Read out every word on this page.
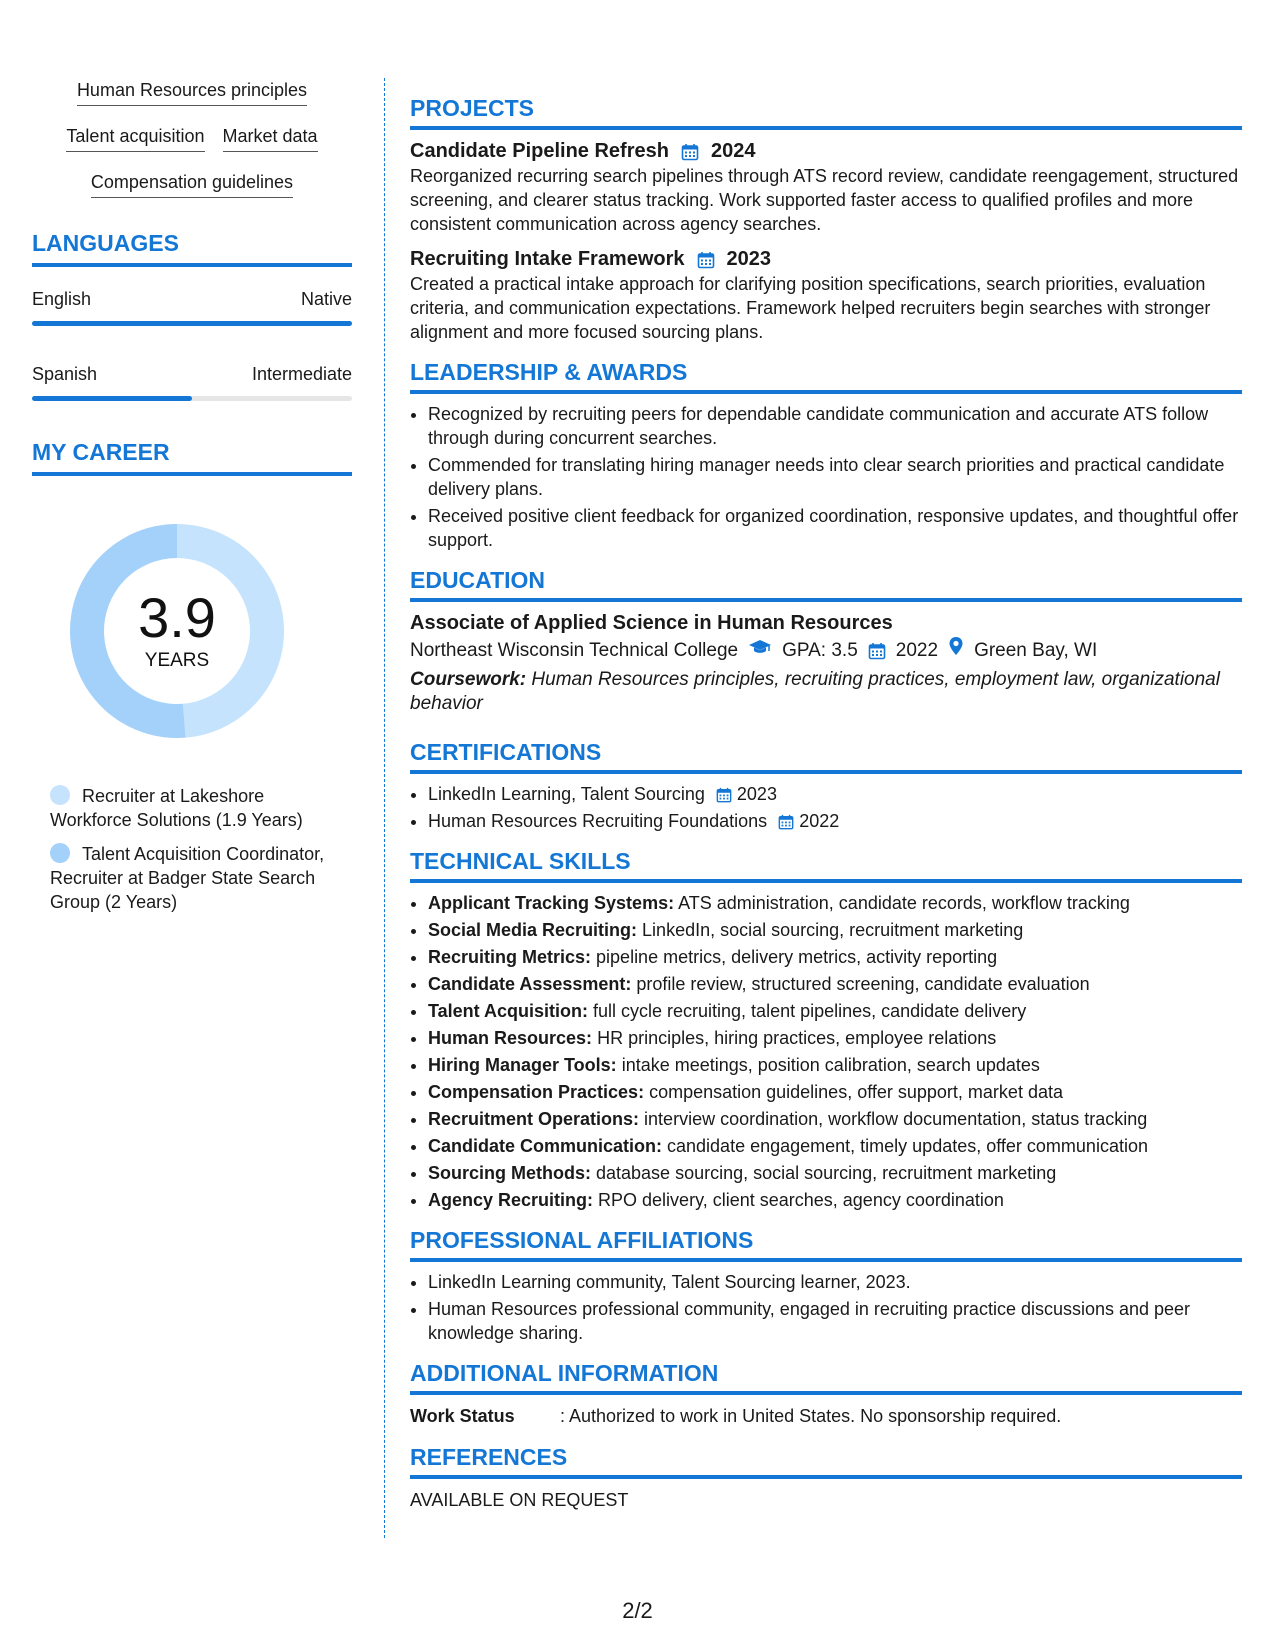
Human Resources principles
Talent acquisition Market data
Compensation guidelines
LANGUAGES
English	Native
Spanish	Intermediate
MY CAREER
3.9
YEARS
Recruiter at Lakeshore Workforce Solutions (1.9 Years)
Talent Acquisition Coordinator, Recruiter at Badger State Search Group (2 Years)
PROJECTS
Candidate Pipeline Refresh 2024
Reorganized recurring search pipelines through ATS record review, candidate reengagement, structured screening, and clearer status tracking. Work supported faster access to qualified profiles and more consistent communication across agency searches.
Recruiting Intake Framework 2023
Created a practical intake approach for clarifying position specifications, search priorities, evaluation criteria, and communication expectations. Framework helped recruiters begin searches with stronger alignment and more focused sourcing plans.
LEADERSHIP & AWARDS
• Recognized by recruiting peers for dependable candidate communication and accurate ATS follow through during concurrent searches.
• Commended for translating hiring manager needs into clear search priorities and practical candidate delivery plans.
• Received positive client feedback for organized coordination, responsive updates, and thoughtful offer support.
EDUCATION
Associate of Applied Science in Human Resources
Northeast Wisconsin Technical College GPA: 3.5 2022 Green Bay, WI
Coursework: Human Resources principles, recruiting practices, employment law, organizational behavior
CERTIFICATIONS
• LinkedIn Learning, Talent Sourcing 2023
• Human Resources Recruiting Foundations 2022
TECHNICAL SKILLS
• Applicant Tracking Systems: ATS administration, candidate records, workflow tracking
• Social Media Recruiting: LinkedIn, social sourcing, recruitment marketing
• Recruiting Metrics: pipeline metrics, delivery metrics, activity reporting
• Candidate Assessment: profile review, structured screening, candidate evaluation
• Talent Acquisition: full cycle recruiting, talent pipelines, candidate delivery
• Human Resources: HR principles, hiring practices, employee relations
• Hiring Manager Tools: intake meetings, position calibration, search updates
• Compensation Practices: compensation guidelines, offer support, market data
• Recruitment Operations: interview coordination, workflow documentation, status tracking
• Candidate Communication: candidate engagement, timely updates, offer communication
• Sourcing Methods: database sourcing, social sourcing, recruitment marketing
• Agency Recruiting: RPO delivery, client searches, agency coordination
PROFESSIONAL AFFILIATIONS
• LinkedIn Learning community, Talent Sourcing learner, 2023.
• Human Resources professional community, engaged in recruiting practice discussions and peer knowledge sharing.
ADDITIONAL INFORMATION
Work Status	: Authorized to work in United States. No sponsorship required.
REFERENCES
AVAILABLE ON REQUEST
2/2
